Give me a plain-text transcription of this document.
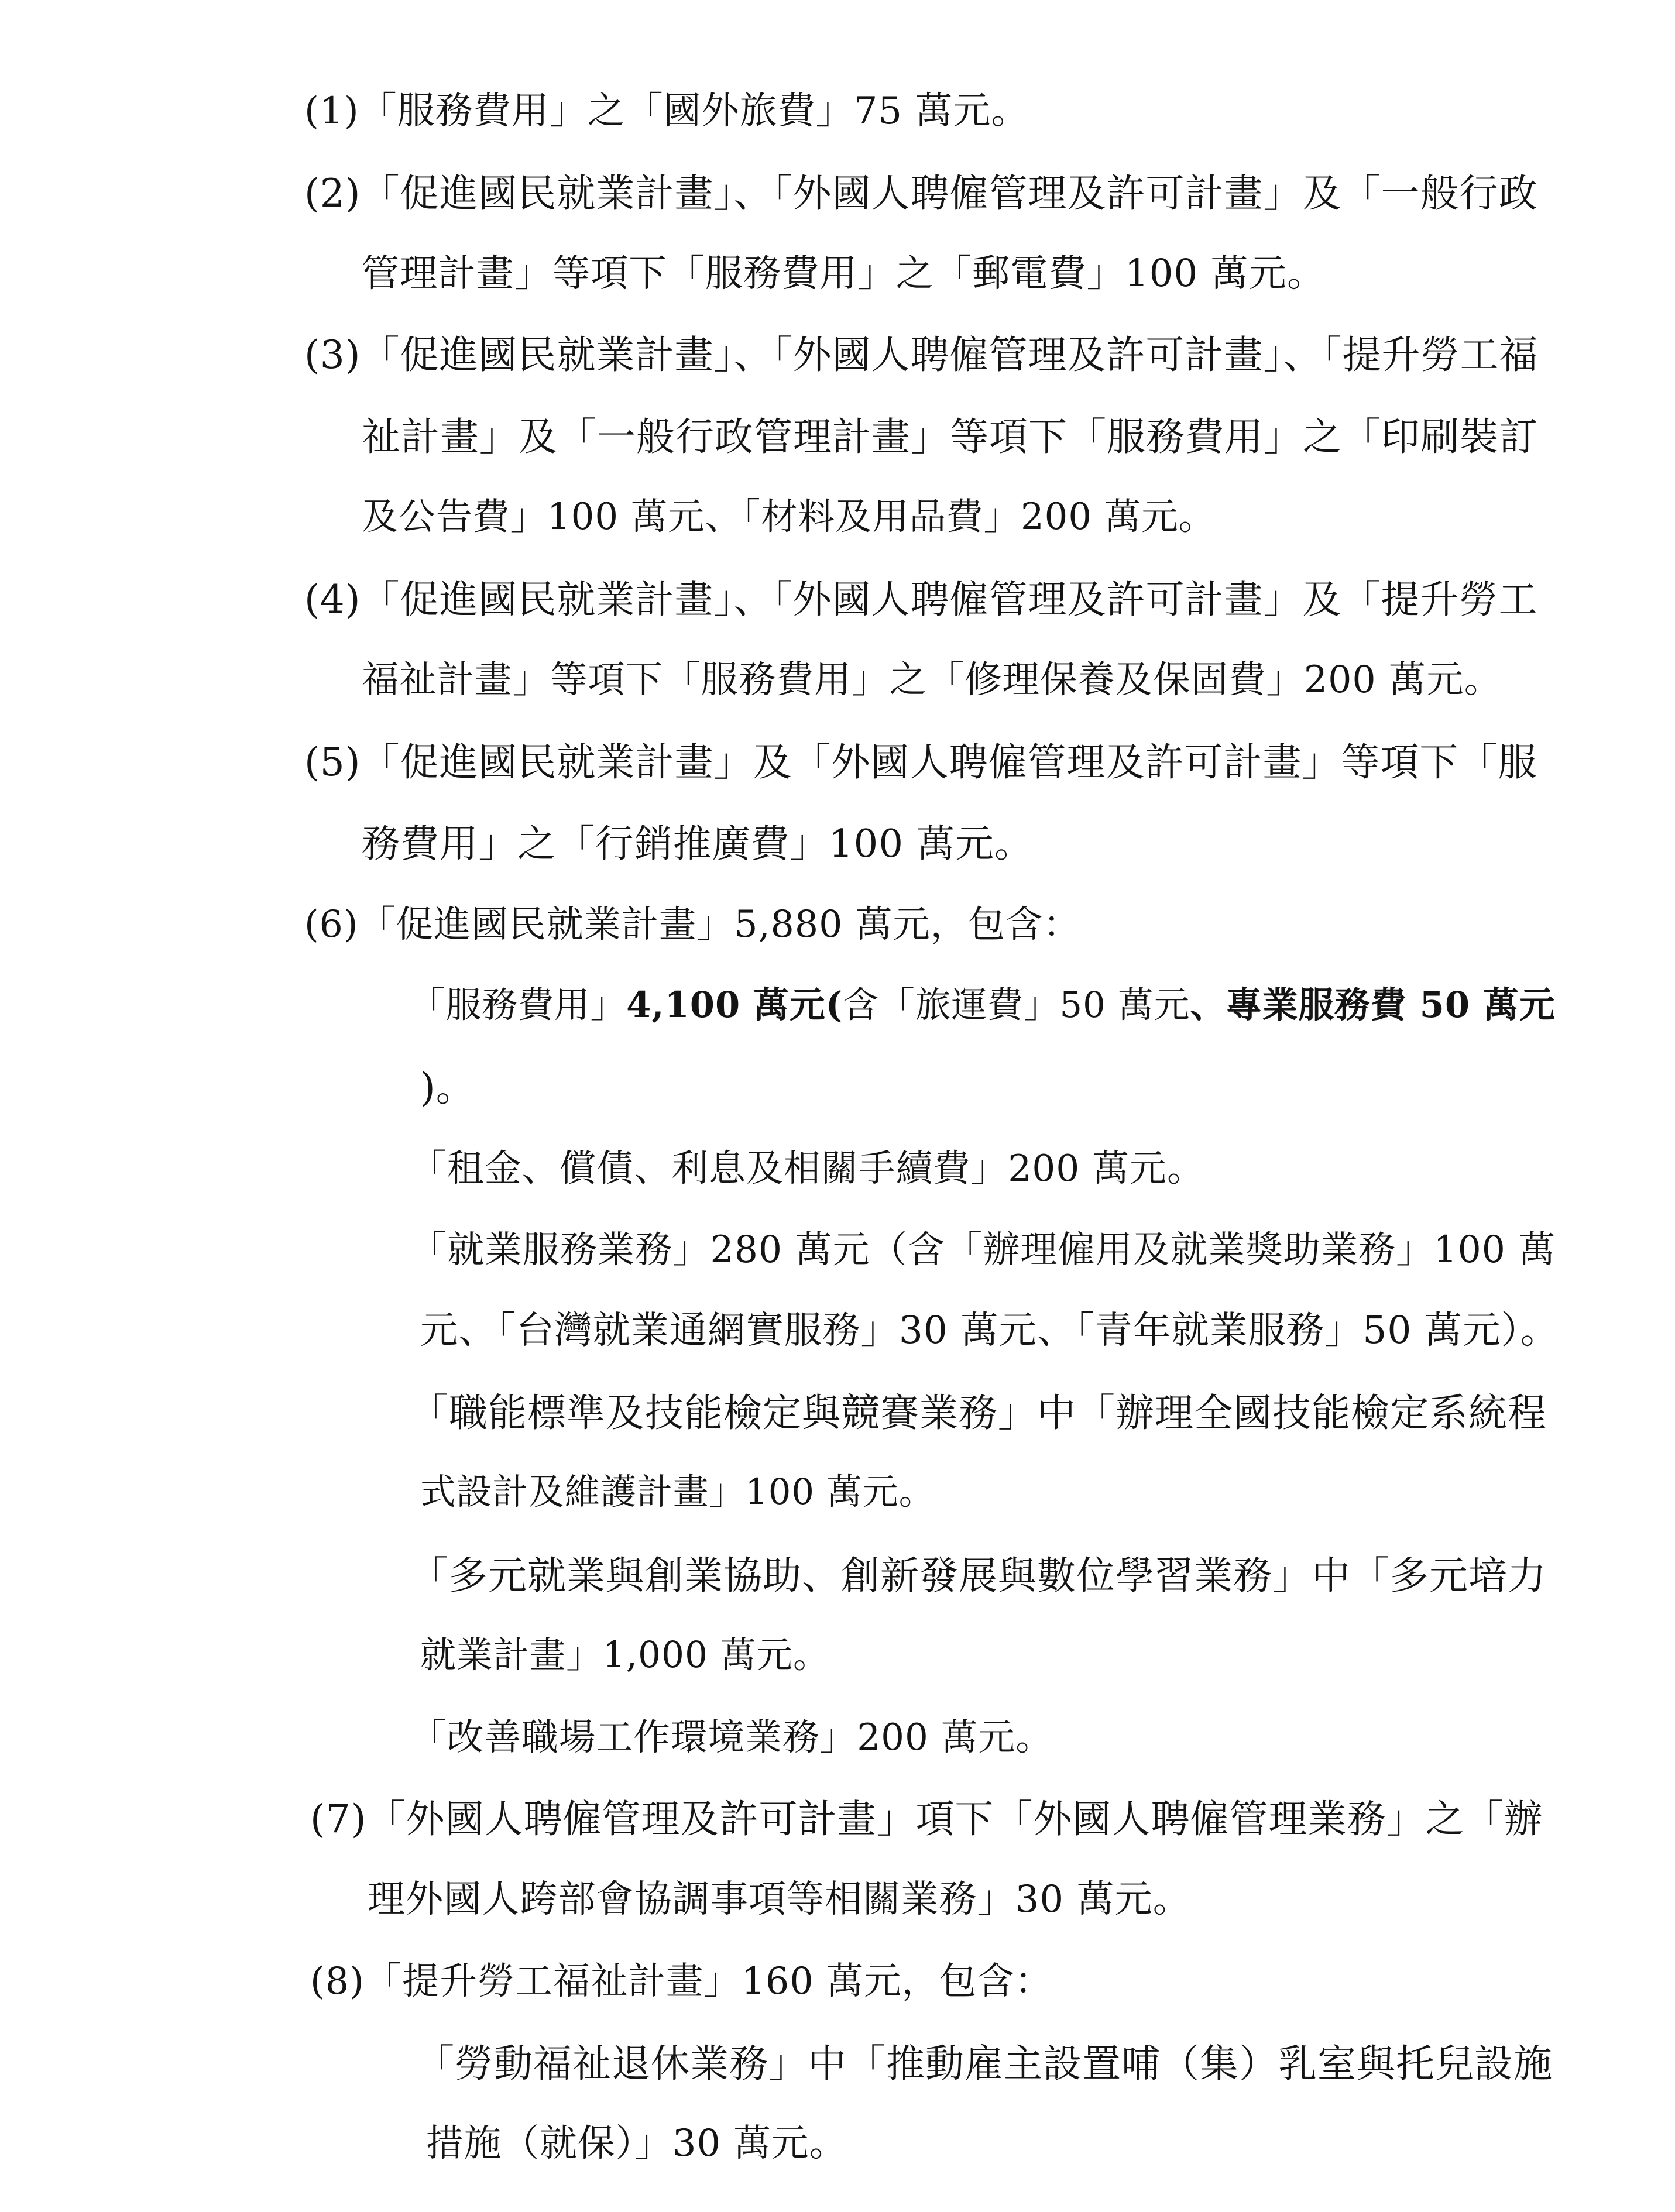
(1)「服務費用」之「國外旅費」75 萬元。
(2)「促進國民就業計畫」、「外國人聘僱管理及許可計畫」及「一般行政
管理計畫」等項下「服務費用」之「郵電費」100 萬元。
(3)「促進國民就業計畫」、「外國人聘僱管理及許可計畫」、「提升勞工福
祉計畫」及「一般行政管理計畫」等項下「服務費用」之「印刷裝訂
及公告費」100 萬元、「材料及用品費」200 萬元。
(4)「促進國民就業計畫」、「外國人聘僱管理及許可計畫」及「提升勞工
福祉計畫」等項下「服務費用」之「修理保養及保固費」200 萬元。
(5)「促進國民就業計畫」及「外國人聘僱管理及許可計畫」等項下「服
務費用」之「行銷推廣費」100 萬元。
(6)「促進國民就業計畫」5,880 萬元，包含：
「服務費用」4,100 萬元(含「旅運費」50 萬元、專業服務費 50 萬元
)。
「租金、償債、利息及相關手續費」200 萬元。
「就業服務業務」280 萬元（含「辦理僱用及就業獎助業務」100 萬
元、「台灣就業通網實服務」30 萬元、「青年就業服務」50 萬元）。
「職能標準及技能檢定與競賽業務」中「辦理全國技能檢定系統程
式設計及維護計畫」100 萬元。
「多元就業與創業協助、創新發展與數位學習業務」中「多元培力
就業計畫」1,000 萬元。
「改善職場工作環境業務」200 萬元。
(7)「外國人聘僱管理及許可計畫」項下「外國人聘僱管理業務」之「辦
理外國人跨部會協調事項等相關業務」30 萬元。
(8)「提升勞工福祉計畫」160 萬元，包含：
「勞動福祉退休業務」中「推動雇主設置哺（集）乳室與托兒設施
措施（就保）」30 萬元。
